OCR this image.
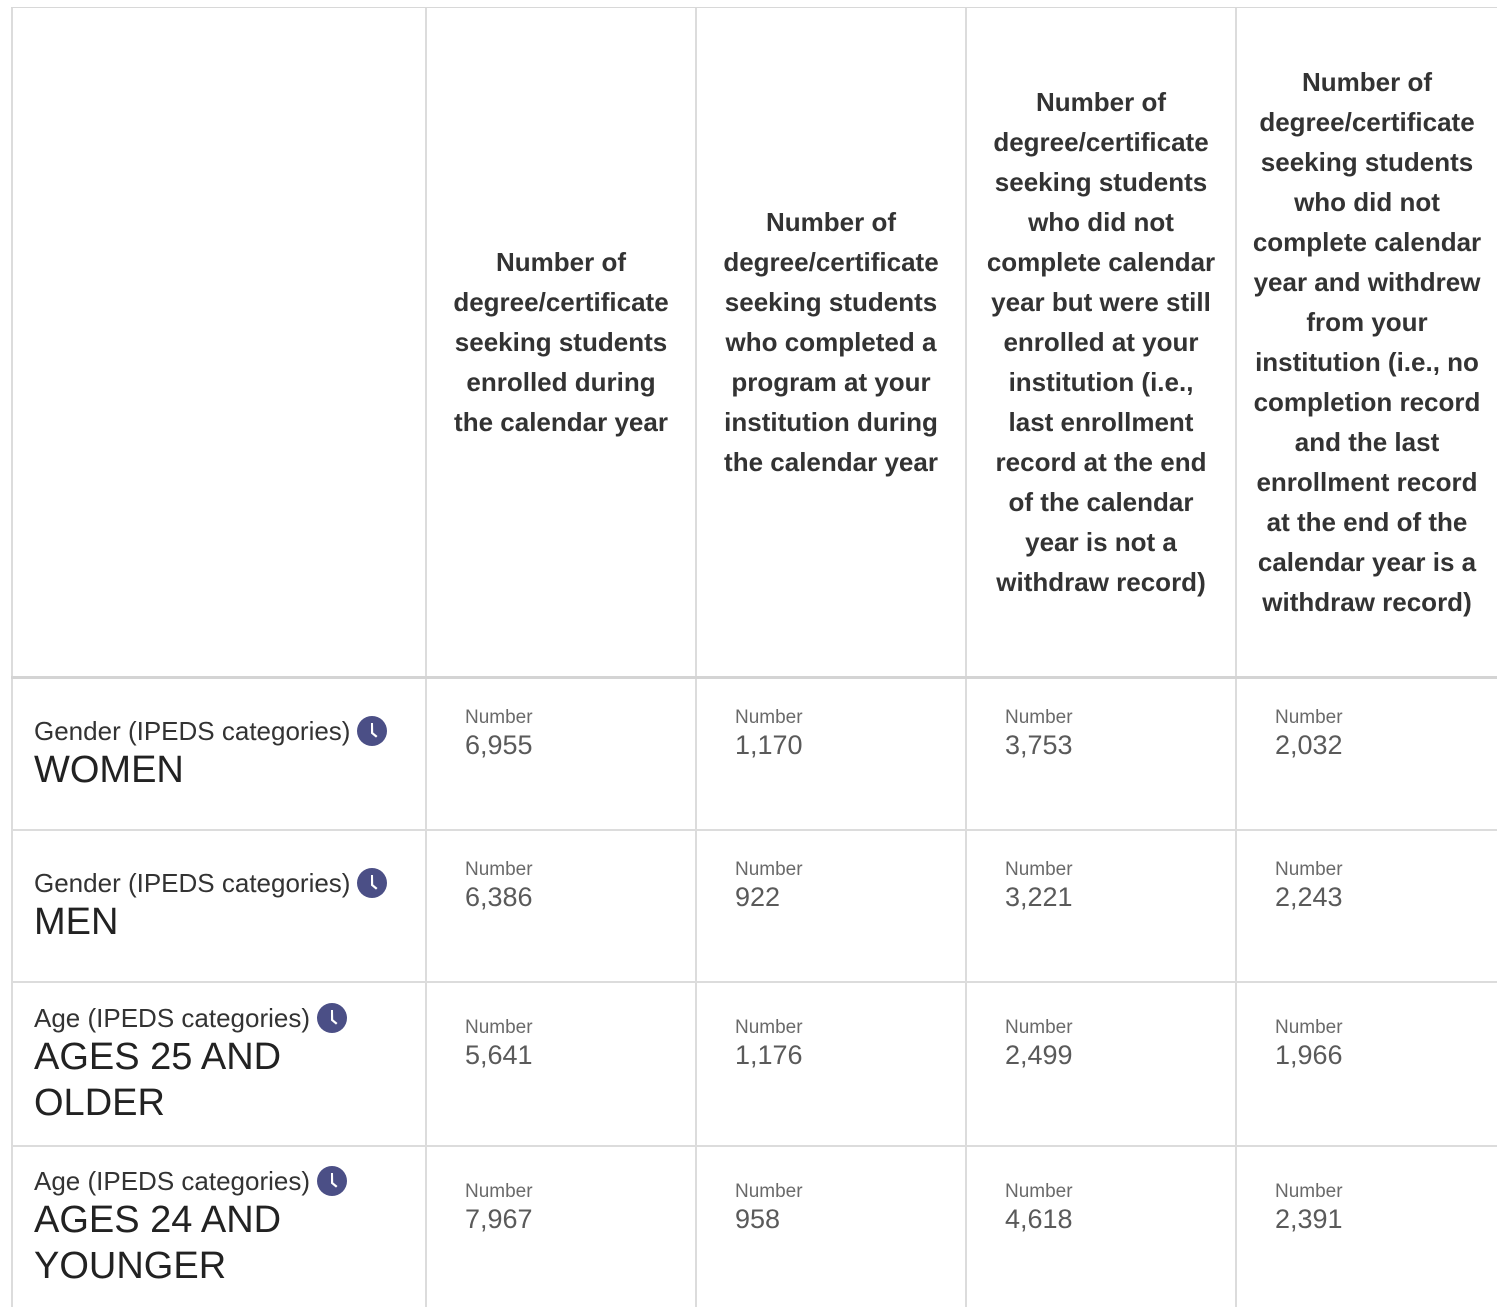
Number of degree/certificate seeking students enrolled during the calendar year
Number of degree/certificate seeking students who completed a program at your institution during the calendar year
Number of degree/certificate seeking students who did not complete calendar year but were still enrolled at your institution (i.e., last enrollment record at the end of the calendar year is not a withdraw record)
Number of degree/certificate seeking students who did not complete calendar year and withdrew from your institution (i.e., no completion record and the last enrollment record at the end of the calendar year is a withdraw record)
Gender (IPEDS categories)
WOMEN
Number
6,955
Number
1,170
Number
3,753
Number
2,032
Gender (IPEDS categories)
MEN
Number
6,386
Number
922
Number
3,221
Number
2,243
Age (IPEDS categories)
AGES 25 AND OLDER
Number
5,641
Number
1,176
Number
2,499
Number
1,966
Age (IPEDS categories)
AGES 24 AND YOUNGER
Number
7,967
Number
958
Number
4,618
Number
2,391
